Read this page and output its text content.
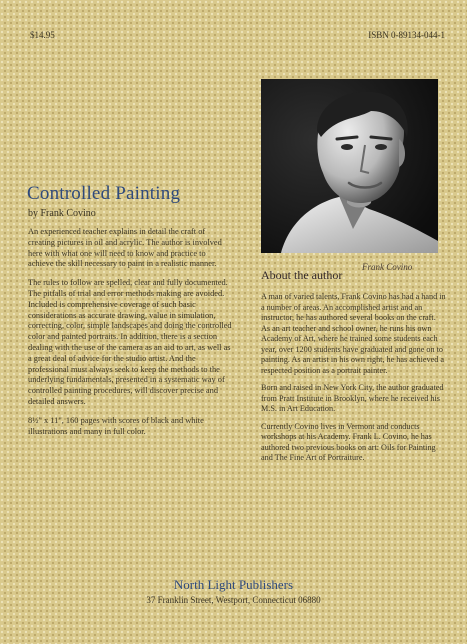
$14.95	ISBN 0-89134-044-1
Controlled Painting
by Frank Covino

An experienced teacher explains in detail the craft of creating pictures in oil and acrylic. The author is involved here with what one will need to know and practice to achieve the skill necessary to paint in a realistic manner.

The rules to follow are spelled, clear and fully documented. The pitfalls of trial and error methods making are avoided. Included is comprehensive coverage of such basic considerations as accurate drawing, value in simulation, correcting, color, simple landscapes and doing the controlled color and painted portraits. In addition, there is a section dealing with the use of the camera as an aid to art, as well as a great deal of advice for the studio artist. And the professional must always seek to keep the methods to the underlying fundamentals, presented in a systematic way of controlled painting procedures, will discover precise and detailed answers.

8½" x 11", 160 pages with scores of black and white illustrations and many in full color.

About the author
Frank Covino

A man of varied talents, Frank Covino has had a hand in a number of areas. An accomplished artist and an instructor, he has authored several books on the craft. As an art teacher and school owner, he runs his own Academy of Art, where he trained some students each year, over 1200 students have graduated and gone on to painting. As an artist in his own right, he has achieved a respected position as a portrait painter.

Born and raised in New York City, the author graduated from Pratt Institute in Brooklyn, where he received his M.S. in Art Education.

Currently Covino lives in Vermont and conducts workshops at his Academy. Frank L. Covino, he has authored two previous books on art: Oils for Painting and The Fine Art of Portraiture.

North Light Publishers
37 Franklin Street, Westport, Connecticut 06880
